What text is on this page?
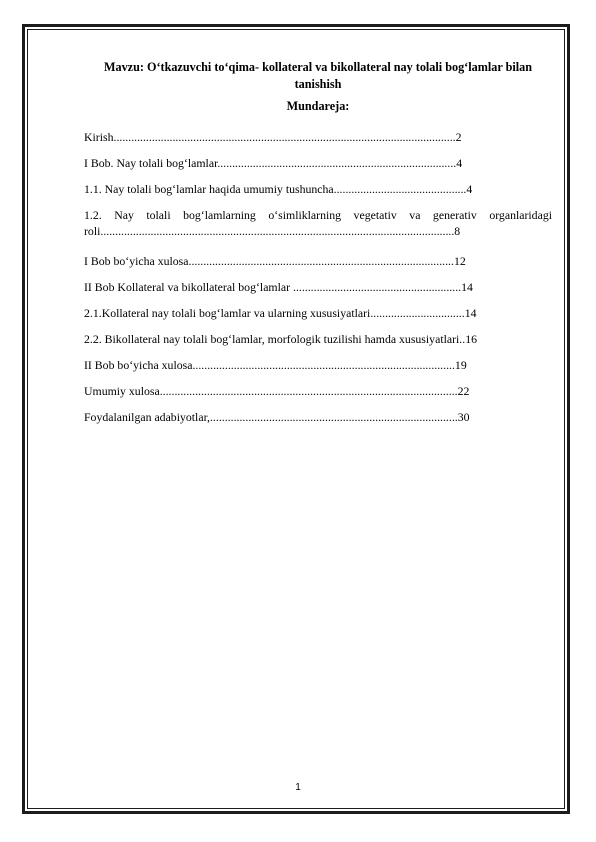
Mavzu: O‘tkazuvchi to‘qima- kollateral va bikollateral nay tolali bog‘lamlar bilan tanishish
Mundareja:
Kirish....................................................................................................................2
I Bob. Nay tolali bog‘lamlar.................................................................................4
1.1. Nay tolali bog‘lamlar haqida umumiy tushuncha.............................................4
1.2. Nay tolali bog‘lamlarning o‘simliklarning vegetativ va generativ organlaridagi roli........................................................................................................................8
I Bob bo‘yicha xulosa..........................................................................................12
II Bob Kollateral va bikollateral bog‘lamlar .........................................................14
2.1.Kollateral nay tolali bog‘lamlar va ularning xususiyatlari................................14
2.2. Bikollateral nay tolali bog‘lamlar, morfologik tuzilishi hamda xususiyatlari..16
II Bob bo‘yicha xulosa.........................................................................................19
Umumiy xulosa.....................................................................................................22
Foydalanilgan adabiyotlar,....................................................................................30
1
